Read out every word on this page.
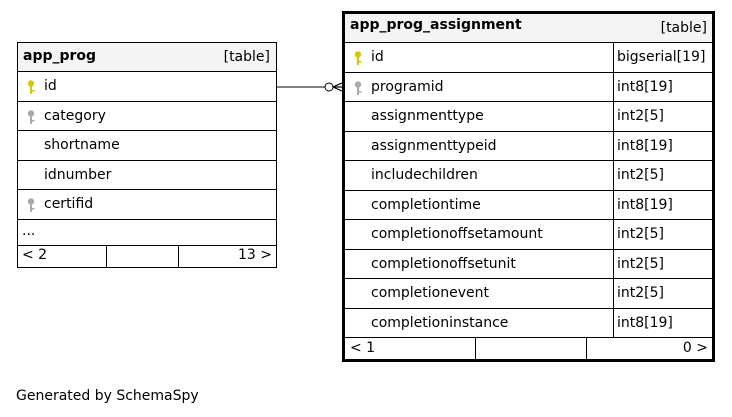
app_prog	[table]
id
category
shortname
idnumber
certifid
...
< 2	13 >
app_prog_assignment	[table]
id	bigserial[19]
programid	int8[19]
assignmenttype	int2[5]
assignmenttypeid	int8[19]
includechildren	int2[5]
completiontime	int8[19]
completionoffsetamount	int2[5]
completionoffsetunit	int2[5]
completionevent	int2[5]
completioninstance	int8[19]
< 1	0 >
Generated by SchemaSpy
